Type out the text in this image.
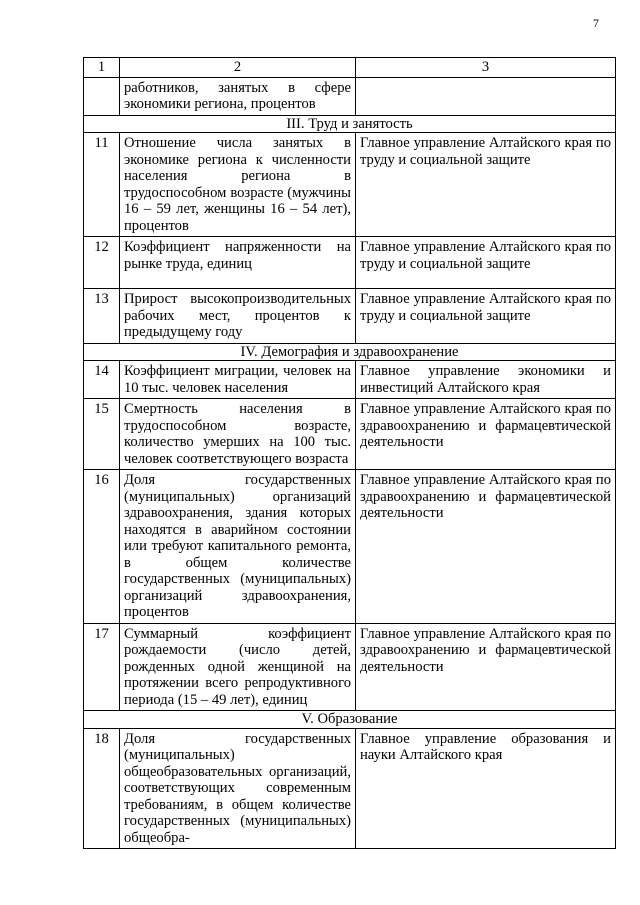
7
1	2	3
	работников, занятых в сфере экономики региона, процентов	
III. Труд и занятость		
11	Отношение числа занятых в экономике региона к численности населения региона в трудоспособном возрасте (мужчины 16 – 59 лет, женщины 16 – 54 лет), процентов	Главное управление Алтайского края по труду и социальной защите
12	Коэффициент напряженности на рынке труда, единиц	Главное управление Алтайского края по труду и социальной защите
13	Прирост высокопроизводительных рабочих мест, процентов к предыдущему году	Главное управление Алтайского края по труду и социальной защите
IV. Демография и здравоохранение		
14	Коэффициент миграции, человек на 10 тыс. человек населения	Главное управление экономики и инвестиций Алтайского края
15	Смертность населения в трудоспособном возрасте, количество умерших на 100 тыс. человек соответствующего возраста	Главное управление Алтайского края по здравоохранению и фармацевтической деятельности
16	Доля государственных (муниципальных) организаций здравоохранения, здания которых находятся в аварийном состоянии или требуют капитального ремонта, в общем количестве государственных (муниципальных) организаций здравоохранения, процентов	Главное управление Алтайского края по здравоохранению и фармацевтической деятельности
17	Суммарный коэффициент рождаемости (число детей, рожденных одной женщиной на протяжении всего репродуктивного периода (15 – 49 лет), единиц	Главное управление Алтайского края по здравоохранению и фармацевтической деятельности
V. Образование		
18	Доля государственных (муниципальных) общеобразовательных организаций, соответствующих современным требованиям, в общем количестве государственных (муниципальных) общеобра-	Главное управление образования и науки Алтайского края
